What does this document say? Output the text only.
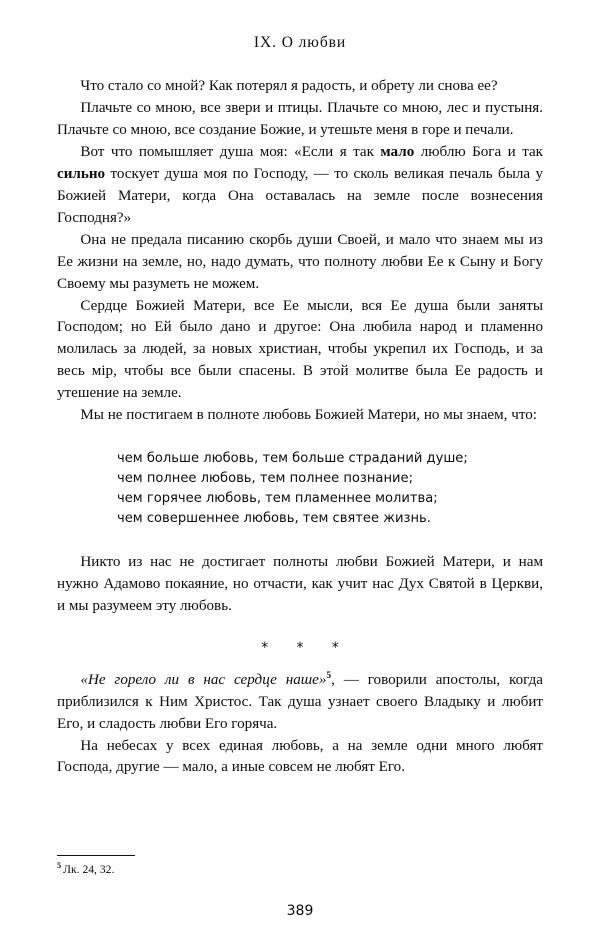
IX. О любви

Что стало со мной? Как потерял я радость, и обрету ли снова ее?

Плачьте со мною, все звери и птицы. Плачьте со мною, лес и пустыня. Плачьте со мною, все создание Божие, и утешьте меня в горе и печали.

Вот что помышляет душа моя: «Если я так мало люблю Бога и так сильно тоскует душа моя по Господу, — то сколь великая печаль была у Божией Матери, когда Она оставалась на земле после вознесения Господня?»

Она не предала писанию скорбь души Своей, и мало что знаем мы из Ее жизни на земле, но, надо думать, что полноту любви Ее к Сыну и Богу Своему мы разуметь не можем.

Сердце Божией Матери, все Ее мысли, вся Ее душа были заняты Господом; но Ей было дано и другое: Она любила народ и пламенно молилась за людей, за новых христиан, чтобы укрепил их Господь, и за весь мiр, чтобы все были спасены. В этой молитве была Ее радость и утешение на земле.

Мы не постигаем в полноте любовь Божией Матери, но мы знаем, что:

чем больше любовь, тем больше страданий душе;
чем полнее любовь, тем полнее познание;
чем горячее любовь, тем пламеннее молитва;
чем совершеннее любовь, тем святее жизнь.

Никто из нас не достигает полноты любви Божией Матери, и нам нужно Адамово покаяние, но отчасти, как учит нас Дух Святой в Церкви, и мы разумеем эту любовь.

* * *

«Не горело ли в нас сердце наше»$^5$, — говорили апостолы, когда приблизился к Ним Христос. Так душа узнает своего Владыку и любит Его, и сладость любви Его горяча.

На небесах у всех единая любовь, а на земле одни много любят Господа, другие — мало, а иные совсем не любят Его.

$^5$ Лк. 24, 32.

389
